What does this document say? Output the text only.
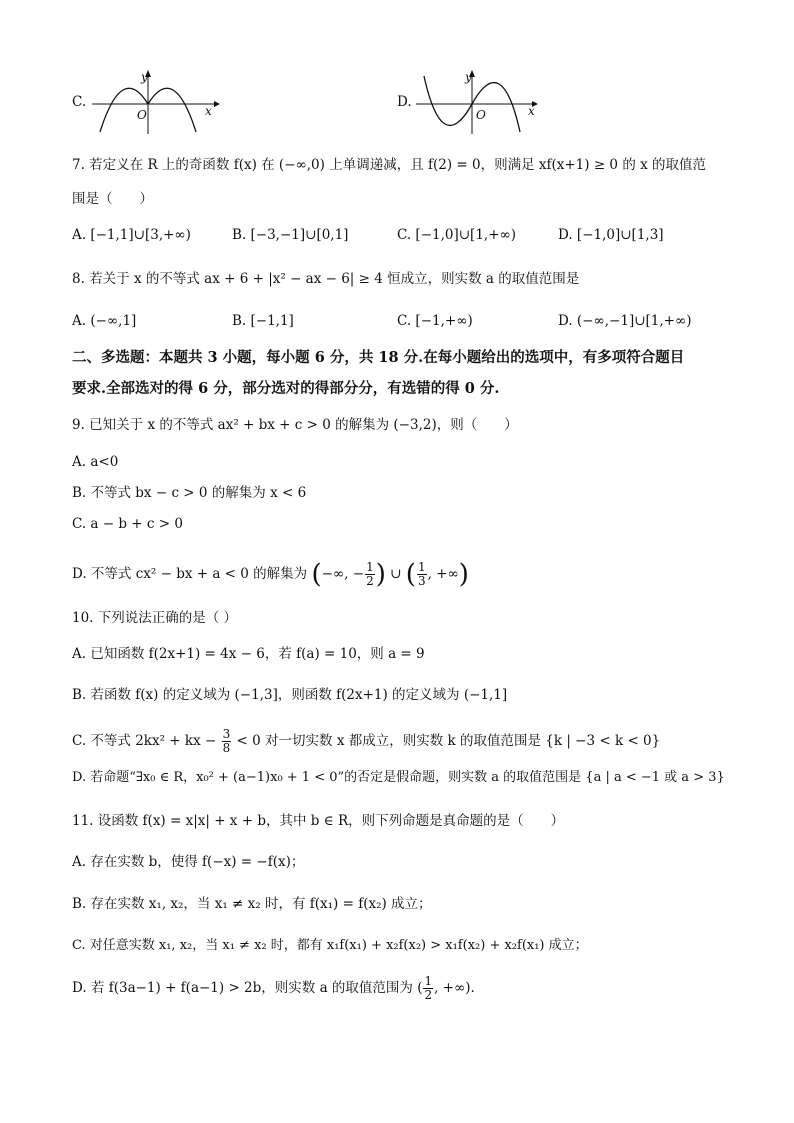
C.
y
x
O
D.
y
x
O
7. 若定义在 R 上的奇函数 f(x) 在 (−∞,0) 上单调递减，且 f(2) = 0，则满足 xf(x+1) ≥ 0 的 x 的取值范
围是（　　）
A. [−1,1]∪[3,+∞)	B. [−3,−1]∪[0,1]	C. [−1,0]∪[1,+∞)	D. [−1,0]∪[1,3]
8. 若关于 x 的不等式 ax + 6 + |x² − ax − 6| ≥ 4 恒成立，则实数 a 的取值范围是
A. (−∞,1]	B. [−1,1]	C. [−1,+∞)	D. (−∞,−1]∪[1,+∞)
二、多选题：本题共 3 小题，每小题 6 分，共 18 分.在每小题给出的选项中，有多项符合题目
要求.全部选对的得 6 分，部分选对的得部分分，有选错的得 0 分.
9. 已知关于 x 的不等式 ax² + bx + c > 0 的解集为 (−3,2)，则（　　）
A. a<0
B. 不等式 bx − c > 0 的解集为 x < 6
C. a − b + c > 0
D. 不等式 cx² − bx + a < 0 的解集为 (−∞, − $\frac{1}{2}$ ) ∪ ( $\frac{1}{3}$ , +∞)
10. 下列说法正确的是（ ）
A. 已知函数 f(2x+1) = 4x − 6，若 f(a) = 10，则 a = 9
B. 若函数 f(x) 的定义域为 (−1,3]，则函数 f(2x+1) 的定义域为 (−1,1]
C. 不等式 2kx² + kx − $\frac{3}{8} < 0$ 对一切实数 x 都成立，则实数 k 的取值范围是 {k | −3 < k < 0}
D. 若命题“∃x₀ ∈ R，x₀² + (a−1)x₀ + 1 < 0”的否定是假命题，则实数 a 的取值范围是 {a | a < −1 或 a > 3}
11. 设函数 f(x) = x|x| + x + b，其中 b ∈ R，则下列命题是真命题的是（　　）
A. 存在实数 b，使得 f(−x) = −f(x)；
B. 存在实数 x₁, x₂，当 x₁ ≠ x₂ 时，有 f(x₁) = f(x₂) 成立；
C. 对任意实数 x₁, x₂，当 x₁ ≠ x₂ 时，都有 x₁f(x₁) + x₂f(x₂) > x₁f(x₂) + x₂f(x₁) 成立；
D. 若 f(3a−1) + f(a−1) > 2b，则实数 a 的取值范围为 ( $\frac{1}{2}$ , +∞).
